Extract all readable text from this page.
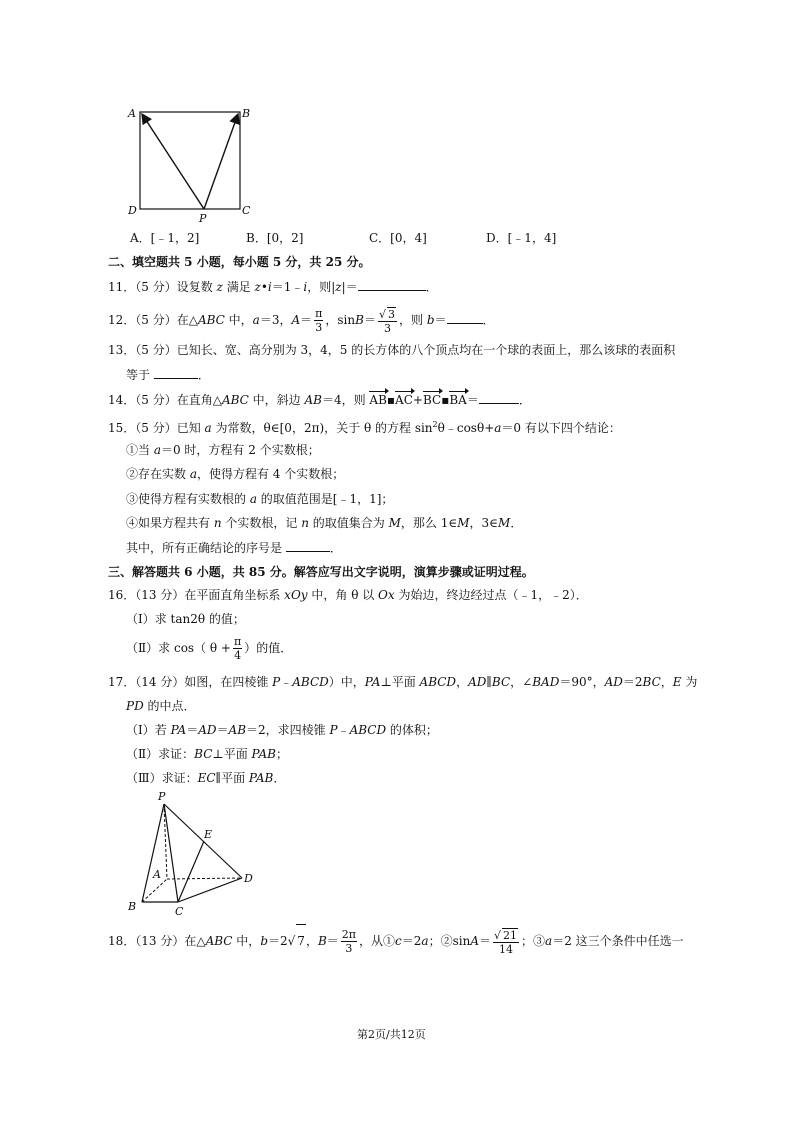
A	B
D	C
P
A．[﹣1，2]	B．[0，2]	C．[0，4]	D．[﹣1，4]
二、填空题共 5 小题，每小题 5 分，共 25 分。
11．（5 分）设复数 z 满足 z•i＝1﹣i，则|z|＝	．
12．（5 分）在△ABC 中，a＝3，$A= \frac{\pi}{3}$ ，$\sin B= \frac{√ 3}{3}$ ，则 b＝	．
13．（5 分）已知长、宽、高分别为 3，4，5 的长方体的八个顶点均在一个球的表面上，那么该球的表面积
等于	．
14．（5 分）在直角△ABC 中，斜边 AB＝4，则 AB▪AC+BC▪BA＝	．
15．（5 分）已知 a 为常数，θ∈[0，2π)，关于 θ 的方程 $\sin^2\theta﹣\cos\theta+a=0$ 有以下四个结论：
①当 a＝0 时，方程有 2 个实数根；
②存在实数 a，使得方程有 4 个实数根；
③使得方程有实数根的 a 的取值范围是[﹣1，1]；
④如果方程共有 n 个实数根，记 n 的取值集合为 M，那么 1∈M，3∈M．
其中，所有正确结论的序号是	．
三、解答题共 6 小题，共 85 分。解答应写出文字说明，演算步骤或证明过程。
16．（13 分）在平面直角坐标系 xOy 中，角 θ 以 Ox 为始边，终边经过点（﹣1，﹣2）．
（Ⅰ）求 tan2θ 的值；
（Ⅱ）求 cos（ $\theta + \frac{\pi}{4}$ ）的值．
17．（14 分）如图，在四棱锥 P﹣ABCD）中，PA⊥平面 ABCD，AD∥BC，∠BAD＝90°，AD＝2BC，E 为
PD 的中点．
（Ⅰ）若 PA＝AD＝AB＝2，求四棱锥 P﹣ABCD 的体积；
（Ⅱ）求证：BC⊥平面 PAB；
（Ⅲ）求证：EC∥平面 PAB．
P
E
A	D
B	C
18．（13 分）在△ABC 中，b＝2√ 7，$B= \frac{2\pi}{3}$ ，从①c＝2a；②sinA＝ $\frac{√ 21}{14}$ ；③a＝2 这三个条件中任选一
第2页/共12页
